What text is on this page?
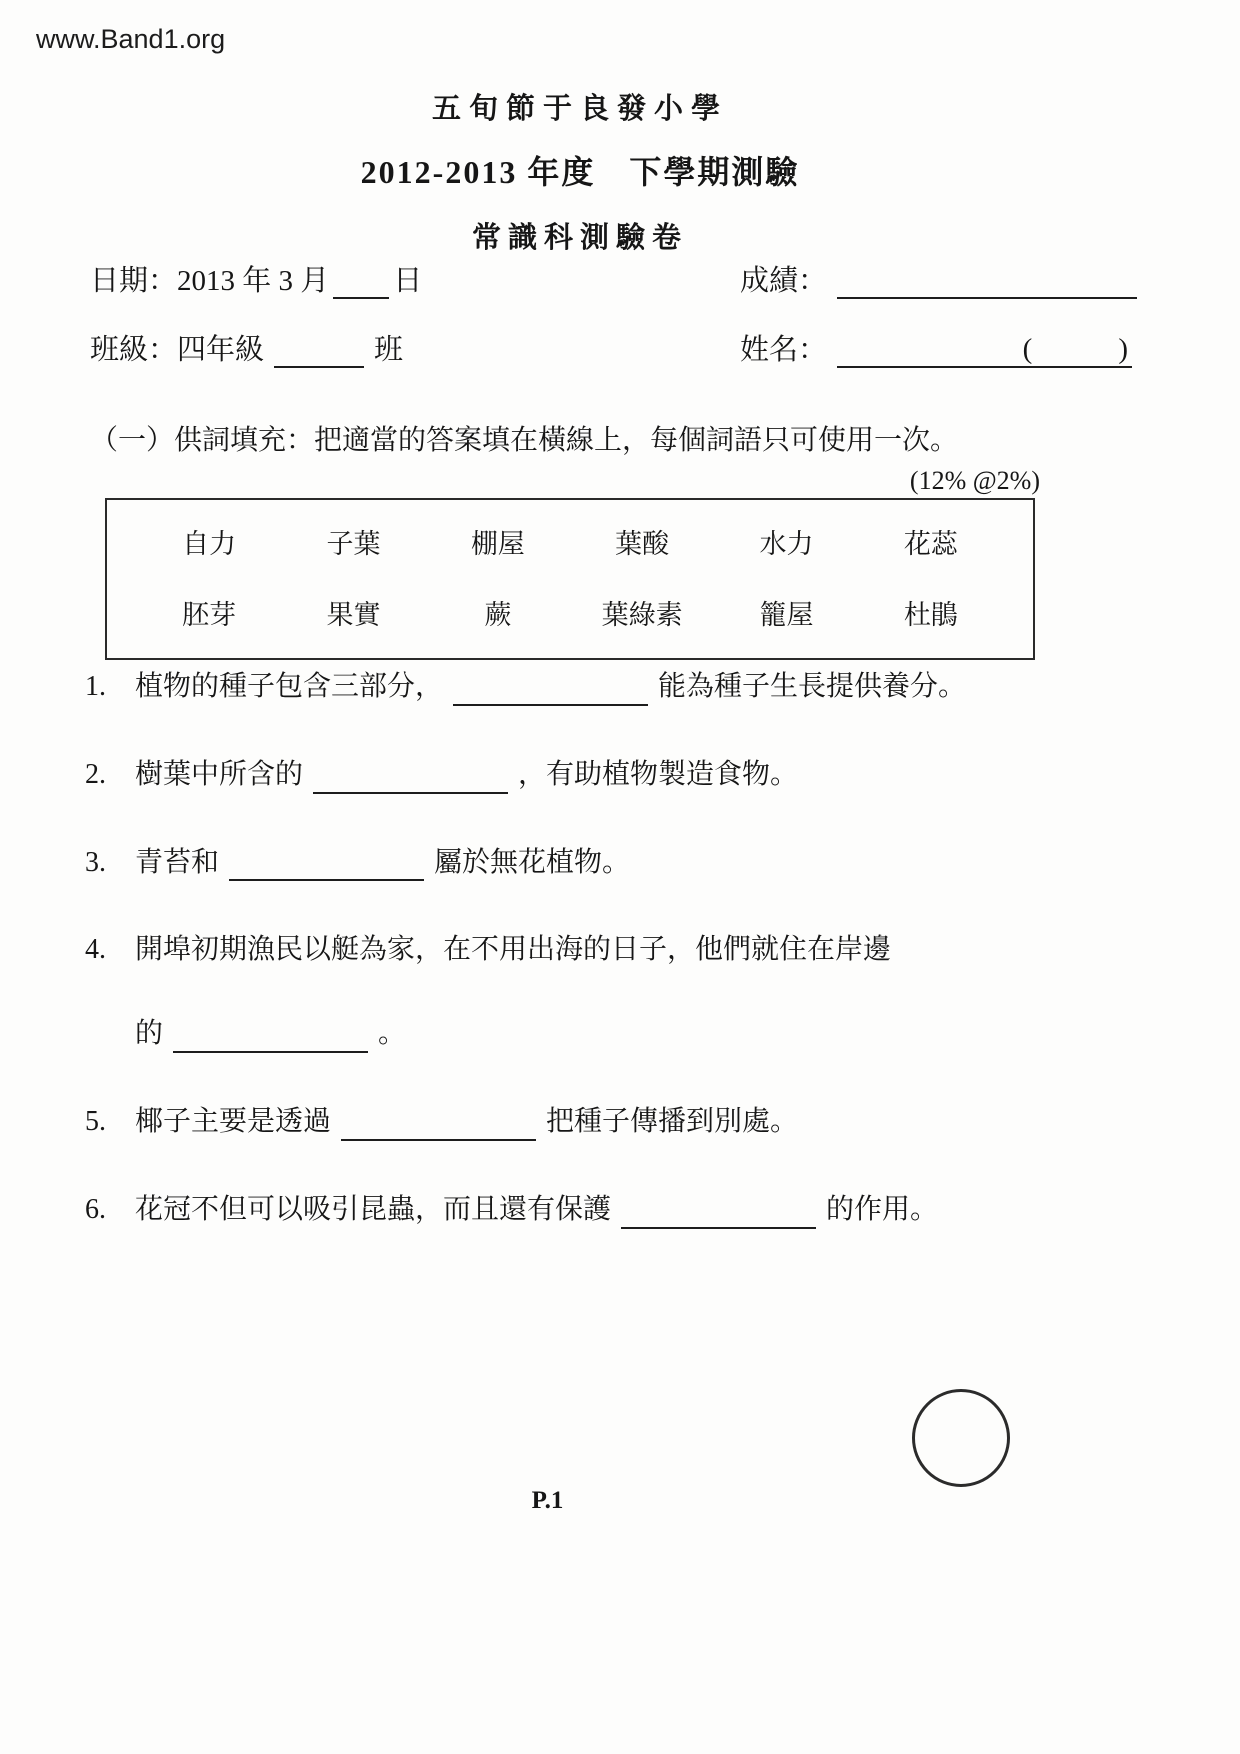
www.Band1.org
五旬節于良發小學
2012-2013 年度　下學期測驗
常識科測驗卷
日期：2013 年 3 月 日	成績：
班級：四年級	班	姓名：	(	)
（一）供詞填充：把適當的答案填在橫線上，每個詞語只可使用一次。
(12% @2%)
自力	子葉	棚屋	葉酸	水力	花蕊
胚芽	果實	蕨	葉綠素	籠屋	杜鵑
1.	植物的種子包含三部分，	能為種子生長提供養分。
2.	樹葉中所含的	，有助植物製造食物。
3.	青苔和	屬於無花植物。
4.	開埠初期漁民以艇為家，在不用出海的日子，他們就住在岸邊
的	。
5.	椰子主要是透過	把種子傳播到別處。
6.	花冠不但可以吸引昆蟲，而且還有保護	的作用。
P.1
